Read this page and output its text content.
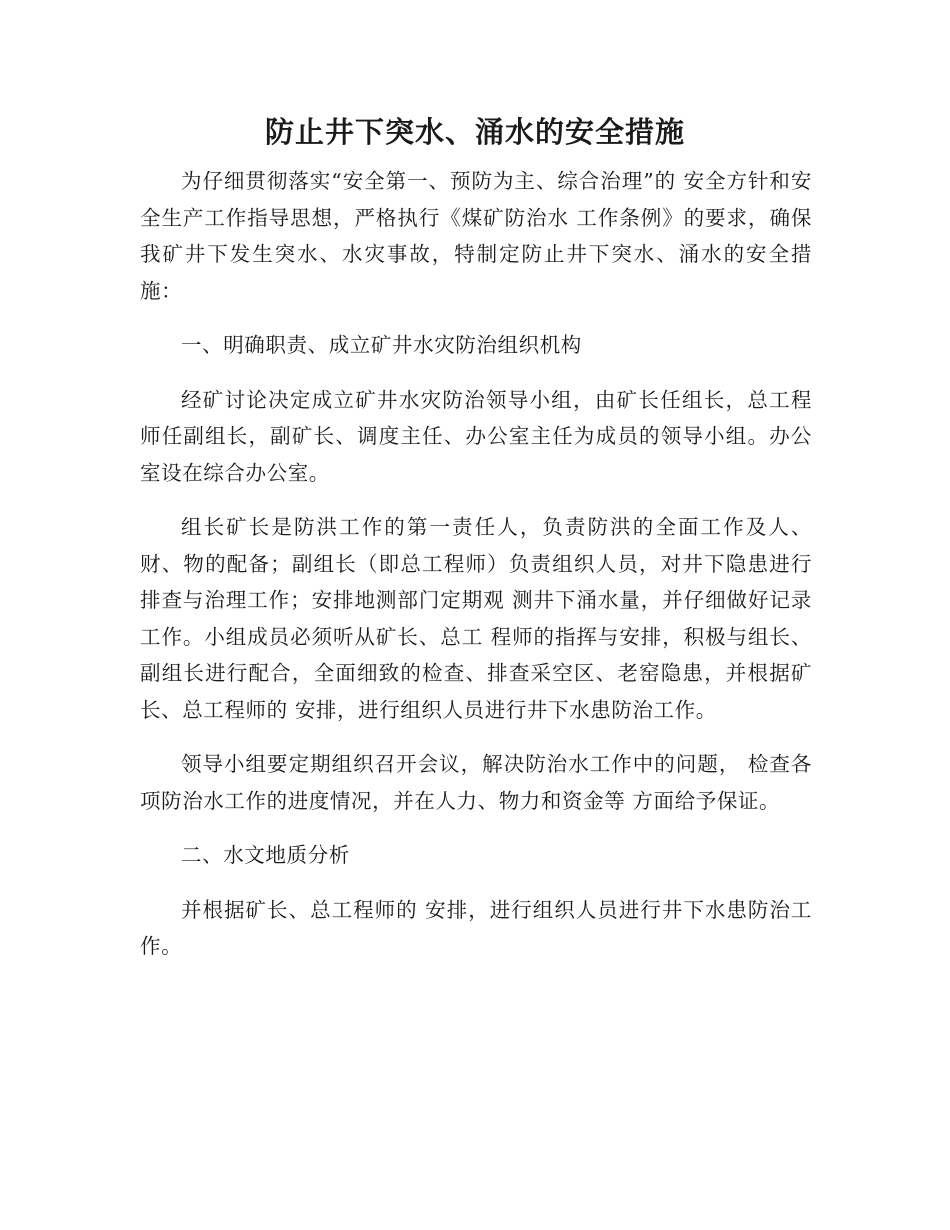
防止井下突水、涌水的安全措施

为仔细贯彻落实“安全第一、预防为主、综合治理”的 安全方针和安全生产工作指导思想，严格执行《煤矿防治水 工作条例》的要求，确保我矿井下发生突水、水灾事故，特制定防止井下突水、涌水的安全措施：

一、明确职责、成立矿井水灾防治组织机构

经矿讨论决定成立矿井水灾防治领导小组，由矿长任组长，总工程师任副组长，副矿长、调度主任、办公室主任为成员的领导小组。办公室设在综合办公室。

组长矿长是防洪工作的第一责任人，负责防洪的全面工作及人、财、物的配备；副组长（即总工程师）负责组织人员，对井下隐患进行排查与治理工作；安排地测部门定期观 测井下涌水量，并仔细做好记录工作。小组成员必须听从矿长、总工 程师的指挥与安排，积极与组长、副组长进行配合，全面细致的检查、排查采空区、老窑隐患，并根据矿长、总工程师的 安排，进行组织人员进行井下水患防治工作。

领导小组要定期组织召开会议，解决防治水工作中的问题， 检查各项防治水工作的进度情况，并在人力、物力和资金等 方面给予保证。

二、水文地质分析

并根据矿长、总工程师的 安排，进行组织人员进行井下水患防治工作。
